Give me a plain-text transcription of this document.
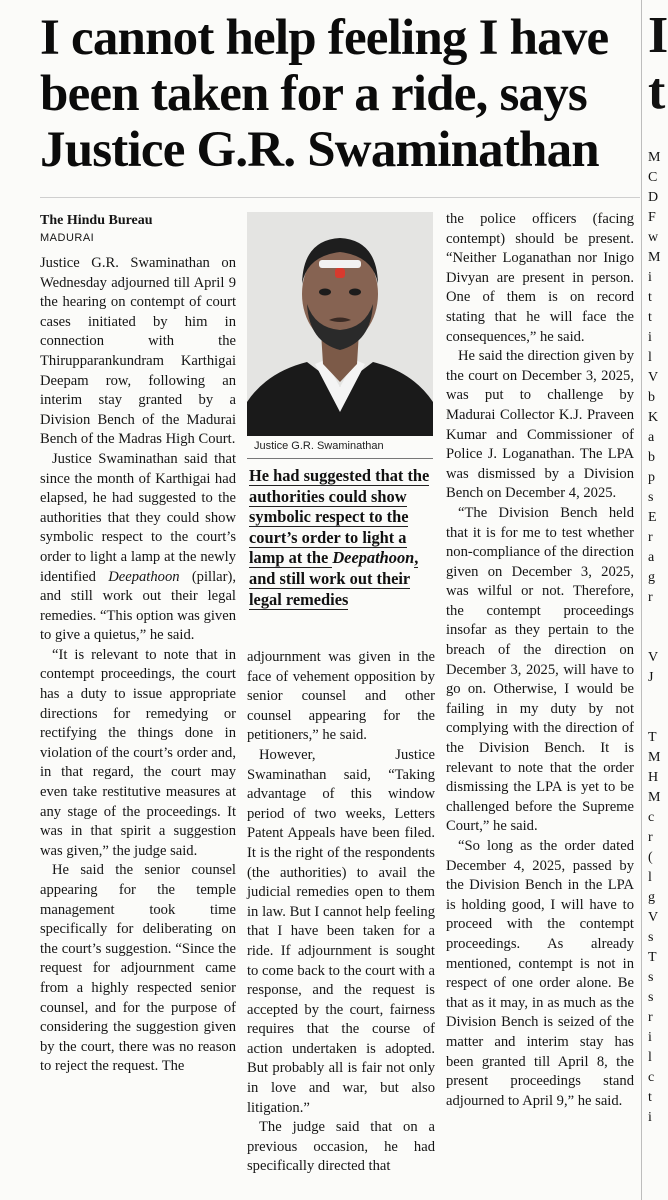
I cannot help feeling I have
been taken for a ride, says
Justice G.R. Swaminathan
I
t
M
C
D
F
w
M
i
t
t
i
l
V
b
K
a
b
p
s
E
r
a
g
r
V
J
T
M
H
M
c
r
(
l
g
V
s
T
s
s
r
i
l
c
t
i
The Hindu Bureau
MADURAI

Justice G.R. Swaminathan on Wednesday adjourned till April 9 the hearing on contempt of court cases initiated by him in connection with the Thirupparankundram Karthigai Deepam row, following an interim stay granted by a Division Bench of the Madurai Bench of the Madras High Court.

Justice Swaminathan said that since the month of Karthigai had elapsed, he had suggested to the authorities that they could show symbolic respect to the court’s order to light a lamp at the newly identified Deepathoon (pillar), and still work out their legal remedies. “This option was given to give a quietus,” he said.

“It is relevant to note that in contempt proceedings, the court has a duty to issue appropriate directions for remedying or rectifying the things done in violation of the court’s order and, in that regard, the court may even take restitutive measures at any stage of the proceedings. It was in that spirit a suggestion was given,” the judge said.

He said the senior counsel appearing for the temple management took time specifically for deliberating on the court’s suggestion. “Since the request for adjournment came from a highly respected senior counsel, and for the purpose of considering the suggestion given by the court, there was no reason to reject the request. The

Justice G.R. Swaminathan
He had suggested that the authorities could show symbolic respect to the court’s order to light a lamp at the Deepathoon, and still work out their legal remedies

adjournment was given in the face of vehement opposition by senior counsel and other counsel appearing for the petitioners,” he said.

However, Justice Swaminathan said, “Taking advantage of this window period of two weeks, Letters Patent Appeals have been filed. It is the right of the respondents (the authorities) to avail the judicial remedies open to them in law. But I cannot help feeling that I have been taken for a ride. If adjournment is sought to come back to the court with a response, and the request is accepted by the court, fairness requires that the course of action undertaken is adopted. But probably all is fair not only in love and war, but also litigation.”

The judge said that on a previous occasion, he had specifically directed that

the police officers (facing contempt) should be present. “Neither Loganathan nor Inigo Divyan are present in person. One of them is on record stating that he will face the consequences,” he said.

He said the direction given by the court on December 3, 2025, was put to challenge by Madurai Collector K.J. Praveen Kumar and Commissioner of Police J. Loganathan. The LPA was dismissed by a Division Bench on December 4, 2025.

“The Division Bench held that it is for me to test whether non-compliance of the direction given on December 3, 2025, was wilful or not. Therefore, the contempt proceedings insofar as they pertain to the breach of the direction on December 3, 2025, will have to go on. Otherwise, I would be failing in my duty by not complying with the direction of the Division Bench. It is relevant to note that the order dismissing the LPA is yet to be challenged before the Supreme Court,” he said.

“So long as the order dated December 4, 2025, passed by the Division Bench in the LPA is holding good, I will have to proceed with the contempt proceedings. As already mentioned, contempt is not in respect of one order alone. Be that as it may, in as much as the Division Bench is seized of the matter and interim stay has been granted till April 8, the present proceedings stand adjourned to April 9,” he said.
